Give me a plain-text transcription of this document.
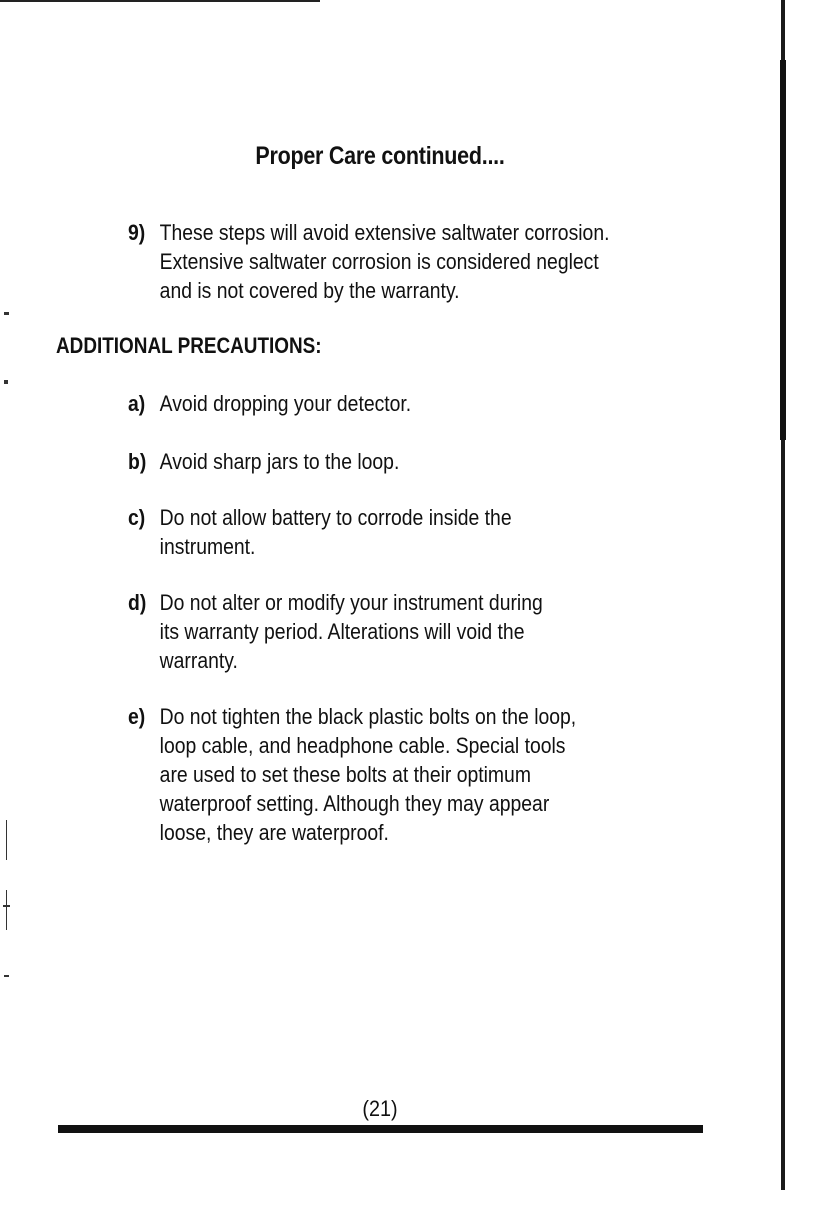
Proper Care continued....
9) These steps will avoid extensive saltwater corrosion.
Extensive saltwater corrosion is considered neglect
and is not covered by the warranty.
ADDITIONAL PRECAUTIONS:
a) Avoid dropping your detector.
b) Avoid sharp jars to the loop.
c) Do not allow battery to corrode inside the
instrument.
d) Do not alter or modify your instrument during
its warranty period. Alterations will void the
warranty.
e) Do not tighten the black plastic bolts on the loop,
loop cable, and headphone cable. Special tools
are used to set these bolts at their optimum
waterproof setting. Although they may appear
loose, they are waterproof.
(21)
